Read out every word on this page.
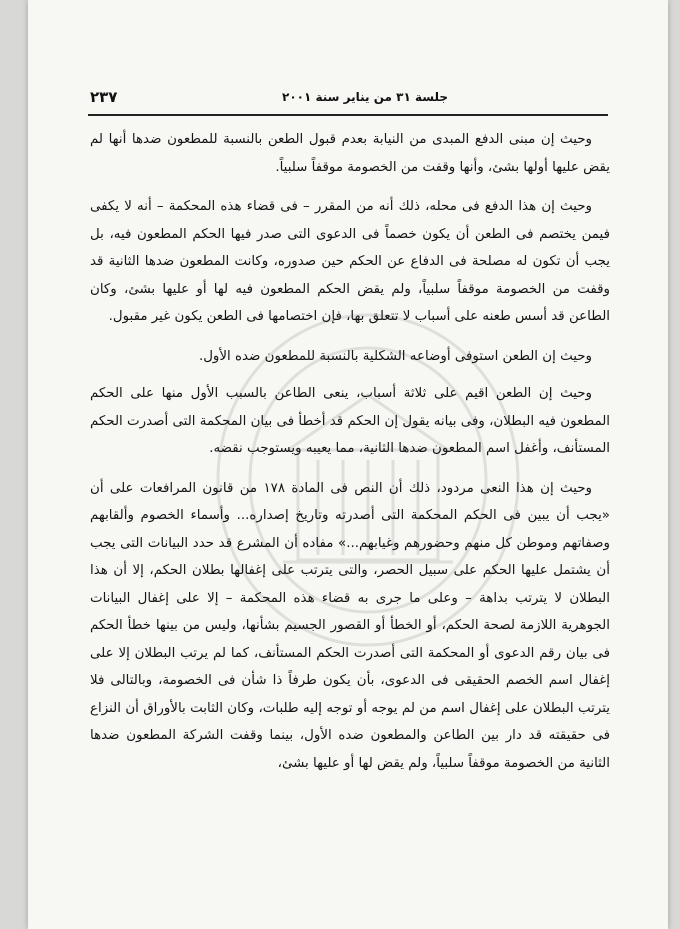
جلسة ٣١ من يناير سنة ٢٠٠١
٢٣٧

وحيث إن مبنى الدفع المبدى من النيابة بعدم قبول الطعن بالنسبة للمطعون ضدها أنها لم يقض عليها أولها بشئ، وأنها وقفت من الخصومة موقفاً سلبياً.

وحيث إن هذا الدفع فى محله، ذلك أنه من المقرر – فى قضاء هذه المحكمة – أنه لا يكفى فيمن يختصم فى الطعن أن يكون خصماً فى الدعوى التى صدر فيها الحكم المطعون فيه، بل يجب أن تكون له مصلحة فى الدفاع عن الحكم حين صدوره، وكانت المطعون ضدها الثانية قد وقفت من الخصومة موقفاً سلبياً، ولم يقض الحكم المطعون فيه لها أو عليها بشئ، وكان الطاعن قد أسس طعنه على أسباب لا تتعلق بها، فإن اختصامها فى الطعن يكون غير مقبول.

وحيث إن الطعن استوفى أوضاعه الشكلية بالنسبة للمطعون ضده الأول.

وحيث إن الطعن اقيم على ثلاثة أسباب، ينعى الطاعن بالسبب الأول منها على الحكم المطعون فيه البطلان، وفى بيانه يقول إن الحكم قد أخطأ فى بيان المحكمة التى أصدرت الحكم المستأنف، وأغفل اسم المطعون ضدها الثانية، مما يعيبه ويستوجب نقضه.

وحيث إن هذا النعى مردود، ذلك أن النص فى المادة ١٧٨ من قانون المرافعات على أن «يجب أن يبين فى الحكم المحكمة التى أصدرته وتاريخ إصداره... وأسماء الخصوم وألقابهم وصفاتهم وموطن كل منهم وحضورهم وغيابهم...» مفاده أن المشرع قد حدد البيانات التى يجب أن يشتمل عليها الحكم على سبيل الحصر، والتى يترتب على إغفالها بطلان الحكم، إلا أن هذا البطلان لا يترتب بداهة – وعلى ما جرى به قضاء هذه المحكمة – إلا على إغفال البيانات الجوهرية اللازمة لصحة الحكم، أو الخطأ أو القصور الجسيم بشأنها، وليس من بينها خطأ الحكم فى بيان رقم الدعوى أو المحكمة التى أصدرت الحكم المستأنف، كما لم يرتب البطلان إلا على إغفال اسم الخصم الحقيقى فى الدعوى، بأن يكون طرفاً ذا شأن فى الخصومة، وبالتالى فلا يترتب البطلان على إغفال اسم من لم يوجه أو توجه إليه طلبات، وكان الثابت بالأوراق أن النزاع فى حقيقته قد دار بين الطاعن والمطعون ضده الأول، بينما وقفت الشركة المطعون ضدها الثانية من الخصومة موقفاً سلبياً، ولم يقض لها أو عليها بشئ،
